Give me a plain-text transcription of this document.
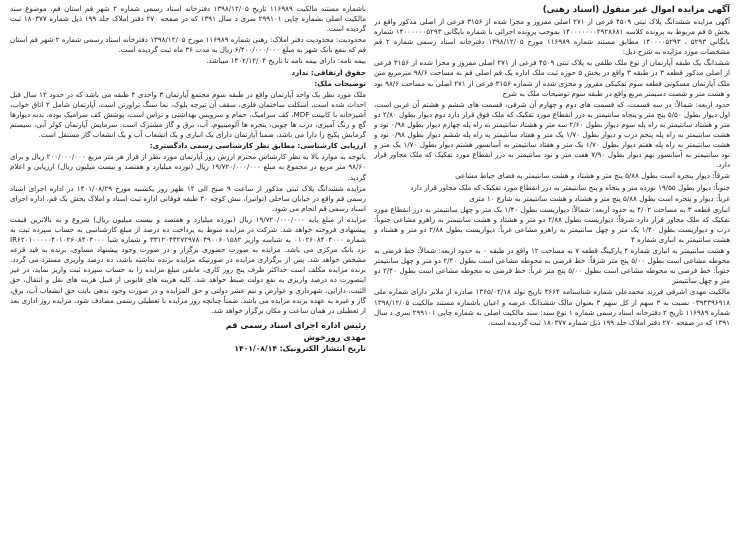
آگهی مزایده اموال غیر منقول (اسناد رهنی)

آگهی مزایده ششدانگ پلاک ثبتی ۴۵۰۹ فرعی از ۲۷۱ اصلی مفروز و مجزا شده از ۳۱۵۶ فرعی از اصلی مذکور واقع در بخش ۵ قم مربوط به پرونده کلاسه ۱۴۰۰۰۰۰۰۰۲۹۲۸۶۸۱ بموجب پرونده اجرائی با شماره بایگانی ۱۴۰۰۰۰۰۰۵۲۹۳ شماره بایگانی ۵۲۹۳ ، ۱۴۰۰۰۰۵۲۹۳ مطابق مستند شماره ۱۱۶۹۸۹ مورخ ۱۳۹۸/۱۲/۰۵ دفترخانه اسناد رسمی شماره ۲ قم مشخصات مورد مزایده به شرح ذیل:

ششدانگ یک طبقه آپارتمان از نوع ملک طلقی به پلاک ثبتی ۴۵۰۹ فرعی از ۲۷۱ اصلی مفروز و مجزا شده از ۳۱۵۶ فرعی از اصلی مذکور قطعه ۳ در طبقه ۳ واقع در بخش ۵ حوزه ثبت ملک اداره یک قم اصلی قم به مساحت ۹۸/۶ مترمربع متن ملک آپارتمان مسکونی قطعه سوم تفکیکی مفروز و مجزی شده از شماره ۳۱۵۶ فرعی از ۲۷۱ اصلی به مساحت ۹۸/۶ نود و هشت متر و شصت دسیمتر مربع واقع در طبقه سوم توضیحات ملک به شرح

حدود اربعه: شمالاً: در سه قسمت، که قسمت های دوم و چهارم آن شرقی، قسمت های ششم و هشتم آن غربی است، اول دیوار بطول ۵/۵۰ پنج متر و پنجاه سانتیمتر به درز انقطاع مورد تفکیک که ملک فوق قرار دارد دوم دیوار بطول ۲/۸۰ دو متر و هشتاد سانتیمتر به راه پله سوم دیوار بطول ۲/۶۰ سه متر و هشتاد سانتیمتر به راه پله چهارم دیوار بطول ۰/۹۸ نود و هشت سانتیمتر به راه پله پنجم درب و دیوار بطول ۱/۷۰ یک متر و هفتاد سانتیمتر به راه پله ششم دیوار بطول ۰/۹۸ نود و هشت سانتیمتر به راه پله هفتم دیوار بطول ۱/۷۰ یک متر و هفتاد سانتیمتر به آسانسور هشتم دیوار بطول ۱/۷۰ یک متر و نود سانتیمتر به آسانسور نهم دیوار بطول ۷/۹۰ هفت متر و نود سانتیمتر به درز انقطاع مورد تفکیک که ملک مجاور قرار دارد.

شرقاً: دیوار پنجره است بطول ۵/۸۸ پنج متر و هشتاد و هشت سانتیمتر به فضای حیاط مشاعی

جنوباً: دیوار بطول ۱۹/۵۵ نوزده متر و پنجاه و پنج سانتیمتر به درز انقطاع مورد تفکیک که ملک مجاور قرار دارد

غرباً: دیوار و پنجره است بطول ۵/۸۸ پنج متر و هشتاد و هشت سانتیمتر به شارع ۱۰ متری

انباری قطعه ۳ به مساحت ۴/۰۲ به حدود اربعه: شمالاً: دیواریست بطول ۱/۴۰ یک متر و چهل سانتیمتر به درز انقطاع مورد تفکیک که ملک مجاور قرار دارد شرقاً: دیواریست بطول ۲/۸۸ دو متر و هشتاد و هشت سانتیمتر به راهرو مشاعی جنوباً: درب و دیواریست بطول ۱/۴۰ یک متر و چهل سانتیمتر به راهرو مشاعی غرباً: دیواریست بطول ۲/۸۸ دو متر و هشتاد و هشت سانتیمتر به انباری شماره ۴

و هشت سانتیمتر به انباری شماره ۴ پارکینگ قطعه ۷ به مساحت ۱۲ واقع در طبقه ۰ به حدود اربعه: شمالاً: خط فرضی به محوطه مشاعی است بطول ۵/۰۰ پنج متر شرقاً: خط فرضی به محوطه مشاعی است بطول ۲/۴۰ دو متر و چهل سانتیمتر جنوباً: خط فرضی به محوطه مشاعی است بطول ۵/۰۰ پنج متر غرباً: خط فرضی به محوطه مشاعی است بطول ۲/۴۰ دو متر و چهل سانتیمتر

مالکیت مهدی اشرفی فرزند محمدعلی شماره شناسنامه ۳۶۶۴ تاریخ تولد ۱۳۶۵/۰۲/۱۸ صادره از ملایر دارای شماره ملی ۰۳۹۴۳۹۶۹۱۸ نسبت به ۳ سهم از کل سهم ۳ بعنوان مالک ششدانگ عرصه و اعیان باشماره مستند مالکیت ۱۳۹۸/۱۲/۰۵ شماره ۱۱۶۹۸۹ تاریخ ۲ دفترخانه اسناد رسمی شماره ۱ نوع سند: سند مالکیت اصلی به شماره چاپی ۲۹۹۱۰۱ سری د سال ۱۳۹۱ که در صفحه ۲۷۰ دفتر املاک جلد ۱۹۹ ذیل شماره ۱۸۰۳۷۷ ثبت گردیده است.

باشماره مستند مالکیت ۱۱۶۹۸۹ تاریخ ۱۳۹۸/۱۲/۰۵ دفترخانه اسناد رسمی شماره ۲ شهر قم استان قم، موضوع سند مالکیت اصلی بشماره چاپی ۲۹۹۱۰۱ سری د سال ۱۳۹۱ که در صفحه ۲۷۰ دفتر املاک جلد ۱۹۹ ذیل شماره ۱۸۰۳۷۷ ثبت گردیده است.

محدودیت: محدودیت دفتر املاک: رهنی شماره ۱۱۶۹۸۹ مورخ ۱۳۹۸/۱۲/۰۵ دفترخانه اسناد رسمی شماره ۲ شهر قم استان قم که بنفع بانک شهر به مبلغ ۶/۴۰۰/۰۰۰/۰۰۰ ریال به مدت ۳۶ ماه ثبت گردیده است.

بیمه نامه: دارای بیمه نامه تا تاریخ ۱۴۰۲/۱۲/۰۴ میباشد.

حقوق ارتفاقی: ندارد

توضیحات ملک:

ملک مورد نظر یک واحد آپارتمان واقع در طبقه سوم مجتمع آپارتمان ۳ واحدی ۴ طبقه می باشد که در حدود ۱۲ سال قبل احداث شده است، اسکلت ساختمان فلزی، سقف آن تیرچه بلوک، نما سنگ تراورتن است، آپارتمان شامل ۲ اتاق خواب، آشپزخانه با کابینت MDF، کف سرامیک، حمام و سرویس بهداشتی و تراس است، پوشش کف سرامیک بوده، بدنه دیوارها گچ و رنگ آمیزی، درب ها چوبی، پنجره ها آلومینیوم، آب، برق و گاز مشترک است. سرمایش آپارتمان کولر آبی، سیستم گرمایش پکیج را دارا می باشد، ضمنا آپارتمان دارای یک انباری و یک انشعاب آب و یک انشعاب گاز مستقل است.

ارزیابی کارشناسی: مطابق نظر کارشناسی رسمی دادگستری:

باتوجه به موارد بالا به نظر کارشناس محترم ارزش روز آپارتمان مورد نظر از قرار هر متر مربع ۲۰۰/۰۰۰/۰۰۰ ریال و برای ۹۸/۶۰ متر مربع در مجموع به مبلغ ۱۹/۷۲۰/۰۰۰/۰۰۰ ریال (نوزده میلیارد و هفتصد و بیست میلیون ریال) ارزیابی و اعلام گردید.

مزایده ششدانگ پلاک ثبتی مذکور از ساعت ۹ صبح الی ۱۲ ظهر روز یکشنبه مورخ ۱۴۰۱/۰۸/۲۹ در اداره اجرای اسناد رسمی قم واقع در خیابان ساحلی (توانیر)، نبش کوچه ۳۰ طبقه فوقانی اداره ثبت اسناد و املاک بخش یک قم، اداره اجرای اسناد رسمی قم انجام می شود.

مزایده از مبلغ پایه ۱۹/۷۲۰/۰۰۰/۰۰۰ ریال (نوزده میلیارد و هفتصد و بیست میلیون ریال) شروع و به بالاترین قیمت پیشنهادی فروخته خواهد شد. شرکت در مزایده منوط به پرداخت ده درصد از مبلغ کارشناسی به حساب سپرده ثبت به شماره ۰۱۰۲۶۰۸۴۰۴۰۰۰ به شناسه واریز ۳۳۱۲۰۴۳۲۷۲۹۷۸۰۴۹۰۰۶۰۱۵۸۲ و شماره شبا IR۶۲۰۱۰۰۰۰۰۴۰۱۰۲۶۰۸۴۰۴۰۰۰ نزد بانک مرکزی می باشد. مزایده به صورت حضوری برگزار و در صورت وجود پیشنهاد مساوی، برنده به قید قرعه مشخص خواهد شد. پس از برگزاری مزایده در صورتیکه مزایده برنده نداشته باشد، ده درصد واریزی مسترد می گردد. برنده مزایده مکلف است حداکثر ظرف پنج روز کاری، مابقی مبلغ مزایده را به حساب سپرده ثبت واریز نماید، در غیر اینصورت ده درصد واریزی به نفع دولت ضبط خواهد شد. کلیه هزینه های قانونی از قبیل هزینه های نقل و انتقال، حق الثبت، دارایی، شهرداری و عوارض و نیم عشر دولتی و حق المزایده و در صورت وجود بدهی بابت حق انشعاب آب، برق، گاز و غیره به عهده برنده مزایده می باشد. ضمناً چنانچه روز مزایده با تعطیلی رسمی مصادف شود، مزایده روز اداری بعد از تعطیلی در همان ساعت و مکان برگزار خواهد شد.

رئیس اداره اجرای اسناد رسمی قم
مهدی روزخوش
تاریخ انتشار الکترونیک: ۱۴۰۱/۰۸/۱۴
